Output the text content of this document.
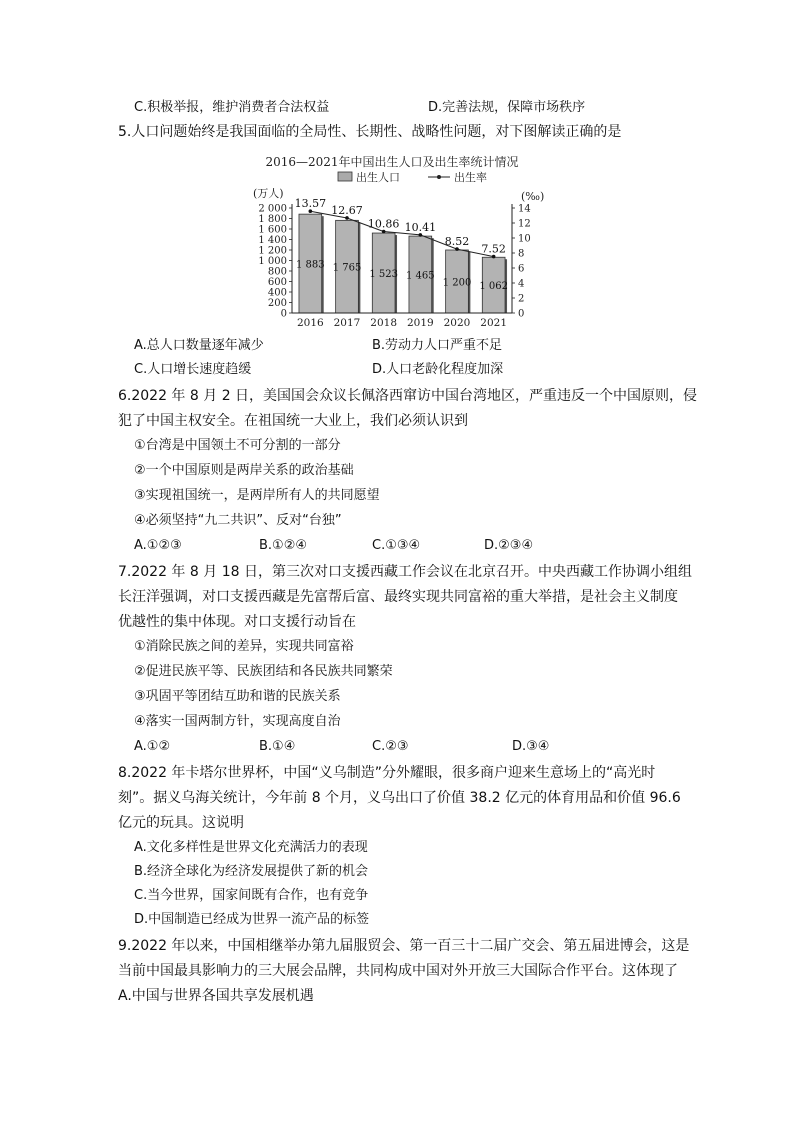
C.积极举报，维护消费者合法权益	D.完善法规，保障市场秩序
5.人口问题始终是我国面临的全局性、长期性、战略性问题，对下图解读正确的是
2016—2021年中国出生人口及出生率统计情况
出生人口	出生率
(万人)	(‰)
2 000
1 800
1 600
1 400
1 200
1 000
800
600
400
200
0
14
12
10
8
6
4
2
0
2016 2017 2018 2019 2020 2021
1 883 1 765
1 523 1 465
1 200 1 062
13.57
12.67
10.86 10.41
8.52
7.52
A.总人口数量逐年减少	B.劳动力人口严重不足
C.人口增长速度趋缓	D.人口老龄化程度加深
6.2022 年 8 月 2 日，美国国会众议长佩洛西窜访中国台湾地区，严重违反一个中国原则，侵
犯了中国主权安全。在祖国统一大业上，我们必须认识到
①台湾是中国领土不可分割的一部分
②一个中国原则是两岸关系的政治基础
③实现祖国统一，是两岸所有人的共同愿望
④必须坚持“九二共识”、反对“台独”
A.①②③	B.①②④	C.①③④	D.②③④
7.2022 年 8 月 18 日，第三次对口支援西藏工作会议在北京召开。中央西藏工作协调小组组
长汪洋强调，对口支援西藏是先富帮后富、最终实现共同富裕的重大举措，是社会主义制度
优越性的集中体现。对口支援行动旨在
①消除民族之间的差异，实现共同富裕
②促进民族平等、民族团结和各民族共同繁荣
③巩固平等团结互助和谐的民族关系
④落实一国两制方针，实现高度自治
A.①②	B.①④	C.②③	D.③④
8.2022 年卡塔尔世界杯，中国“义乌制造”分外耀眼，很多商户迎来生意场上的“高光时
刻”。据义乌海关统计，今年前 8 个月，义乌出口了价值 38.2 亿元的体育用品和价值 96.6
亿元的玩具。这说明
A.文化多样性是世界文化充满活力的表现
B.经济全球化为经济发展提供了新的机会
C.当今世界，国家间既有合作，也有竞争
D.中国制造已经成为世界一流产品的标签
9.2022 年以来，中国相继举办第九届服贸会、第一百三十二届广交会、第五届进博会，这是
当前中国最具影响力的三大展会品牌，共同构成中国对外开放三大国际合作平台。这体现了
A.中国与世界各国共享发展机遇
